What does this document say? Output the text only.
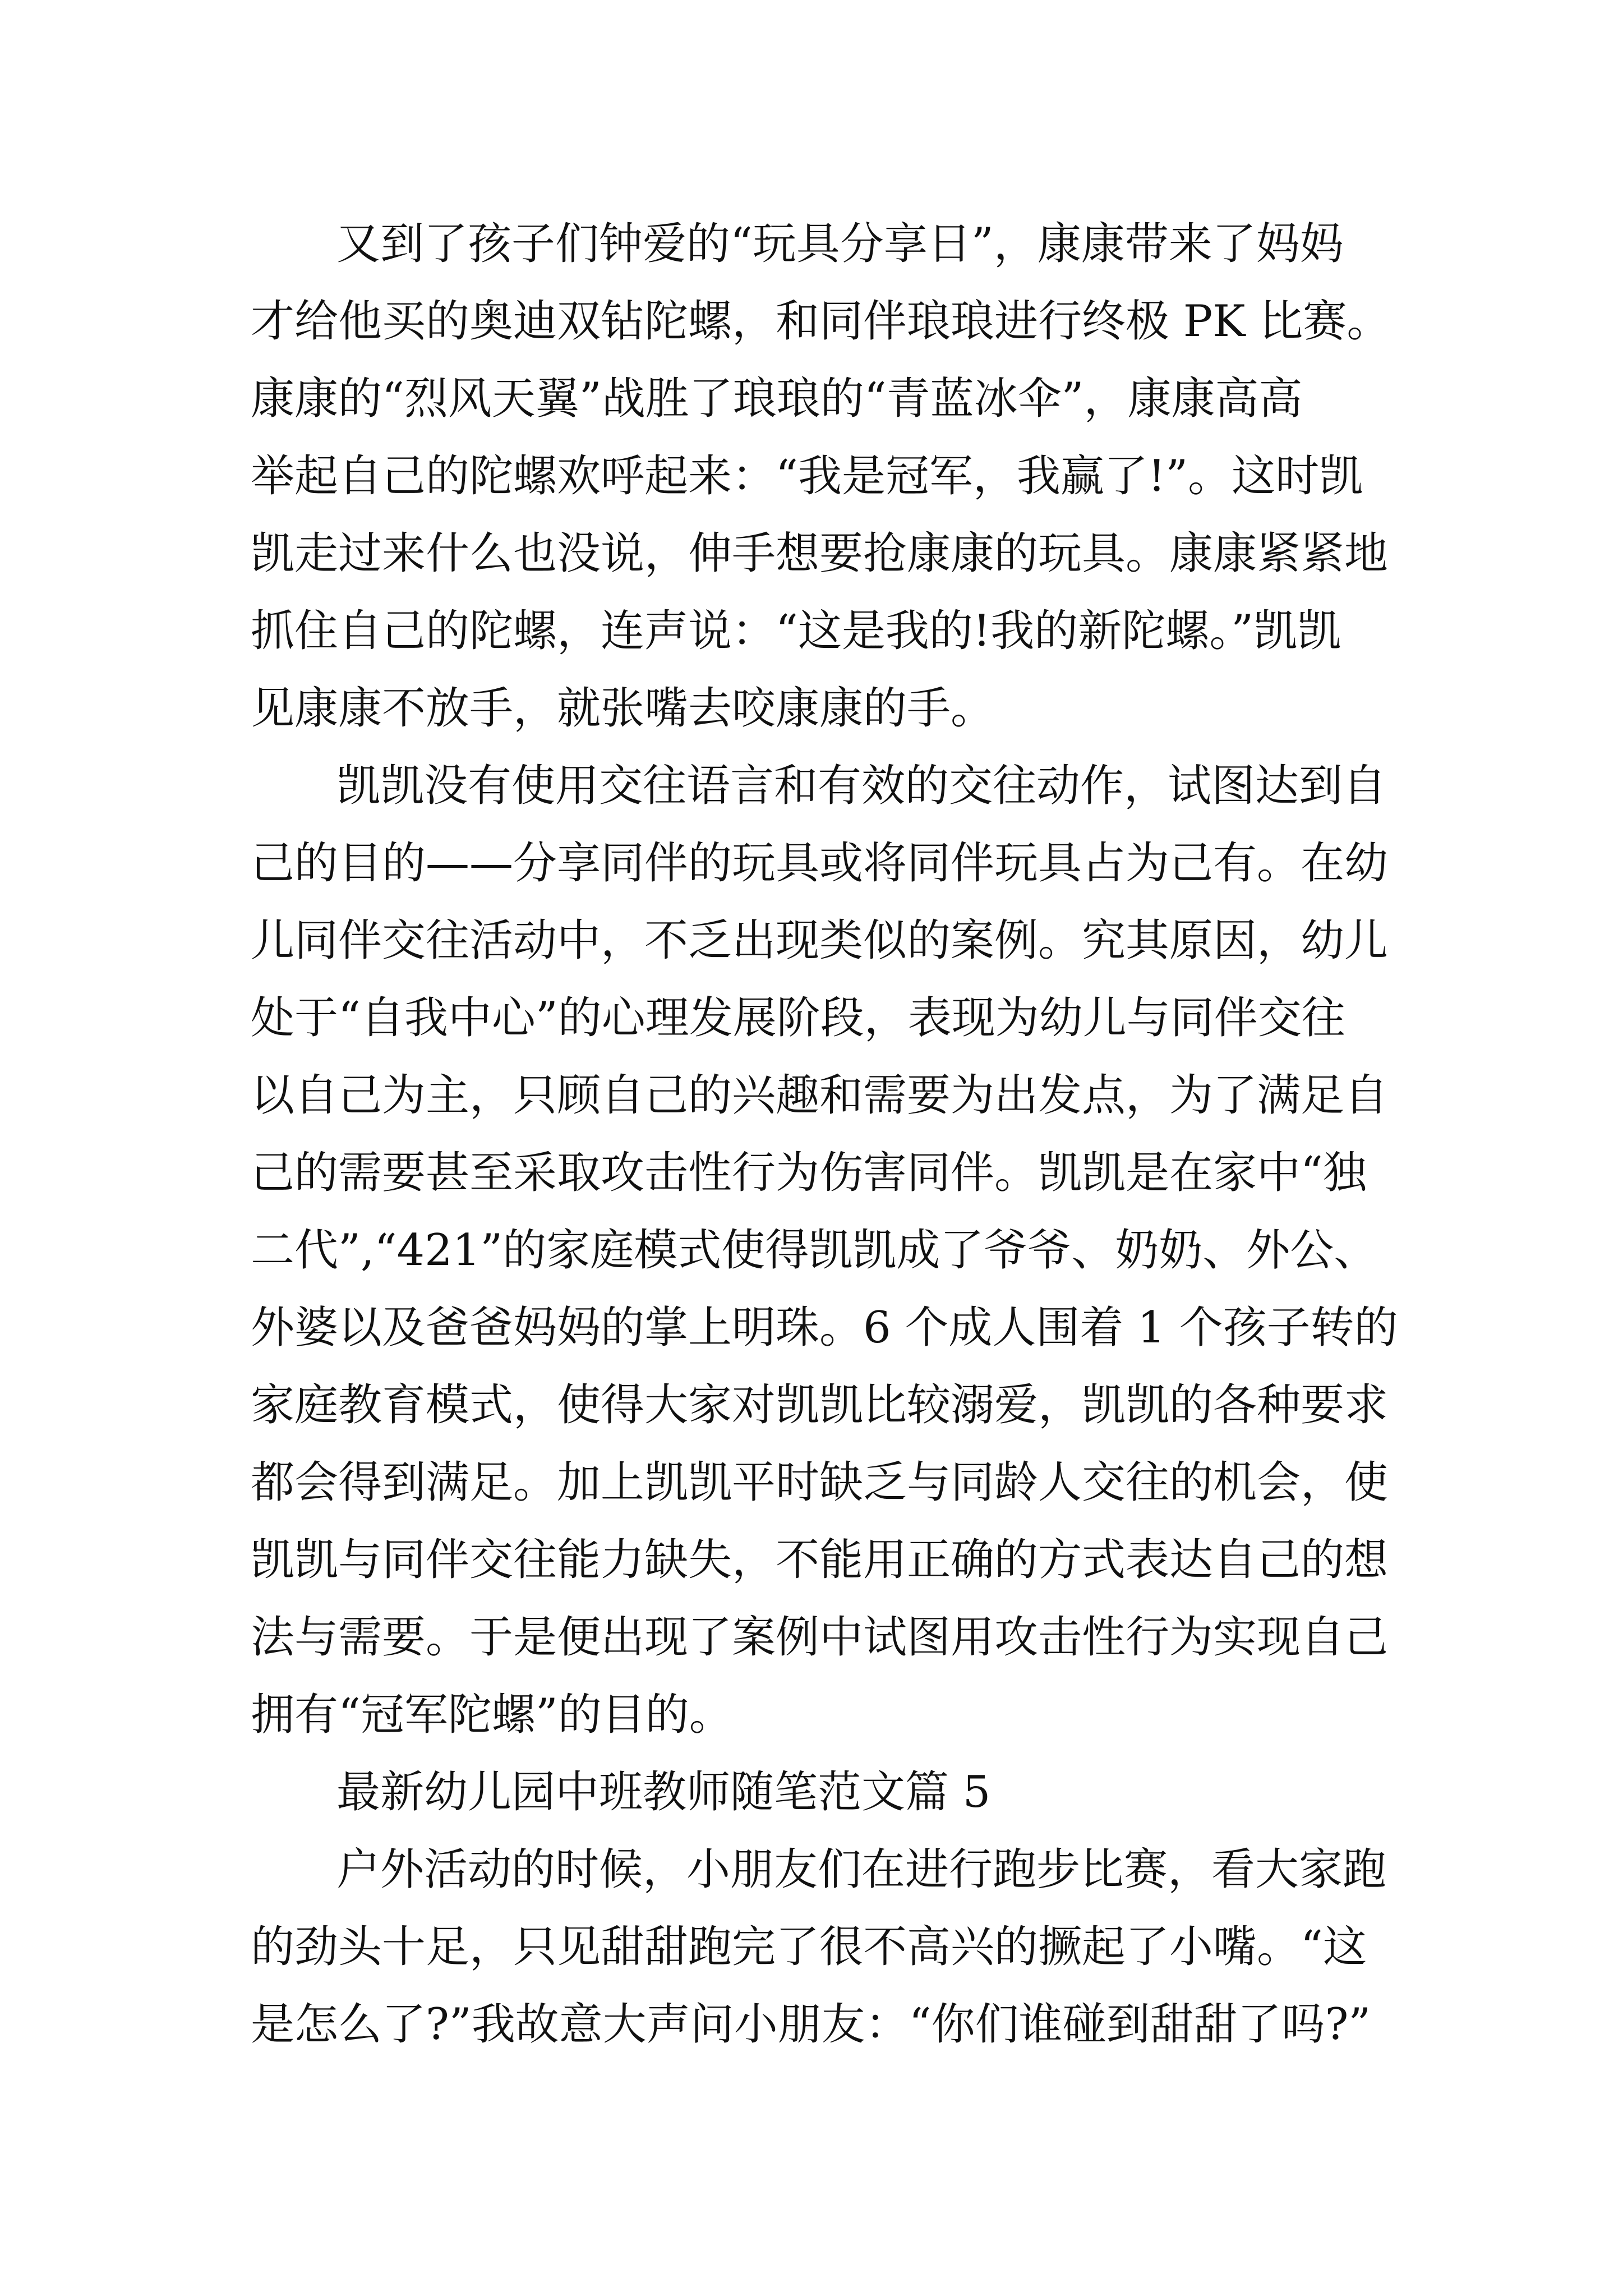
又到了孩子们钟爱的“玩具分享日”，康康带来了妈妈

才给他买的奥迪双钻陀螺，和同伴琅琅进行终极 PK 比赛。

康康的“烈风天翼”战胜了琅琅的“青蓝冰伞”，康康高高

举起自己的陀螺欢呼起来：“我是冠军，我赢了!”。这时凯

凯走过来什么也没说，伸手想要抢康康的玩具。康康紧紧地

抓住自己的陀螺，连声说：“这是我的!我的新陀螺。”凯凯

见康康不放手，就张嘴去咬康康的手。

凯凯没有使用交往语言和有效的交往动作，试图达到自

己的目的——分享同伴的玩具或将同伴玩具占为己有。在幼

儿同伴交往活动中，不乏出现类似的案例。究其原因，幼儿

处于“自我中心”的心理发展阶段，表现为幼儿与同伴交往

以自己为主，只顾自己的兴趣和需要为出发点，为了满足自

己的需要甚至采取攻击性行为伤害同伴。凯凯是在家中“独

二代”,“421”的家庭模式使得凯凯成了爷爷、奶奶、外公、

外婆以及爸爸妈妈的掌上明珠。6 个成人围着 1 个孩子转的

家庭教育模式，使得大家对凯凯比较溺爱，凯凯的各种要求

都会得到满足。加上凯凯平时缺乏与同龄人交往的机会，使

凯凯与同伴交往能力缺失，不能用正确的方式表达自己的想

法与需要。于是便出现了案例中试图用攻击性行为实现自己

拥有“冠军陀螺”的目的。

最新幼儿园中班教师随笔范文篇 5

户外活动的时候，小朋友们在进行跑步比赛，看大家跑

的劲头十足，只见甜甜跑完了很不高兴的撅起了小嘴。“这

是怎么了?”我故意大声问小朋友：“你们谁碰到甜甜了吗?”
